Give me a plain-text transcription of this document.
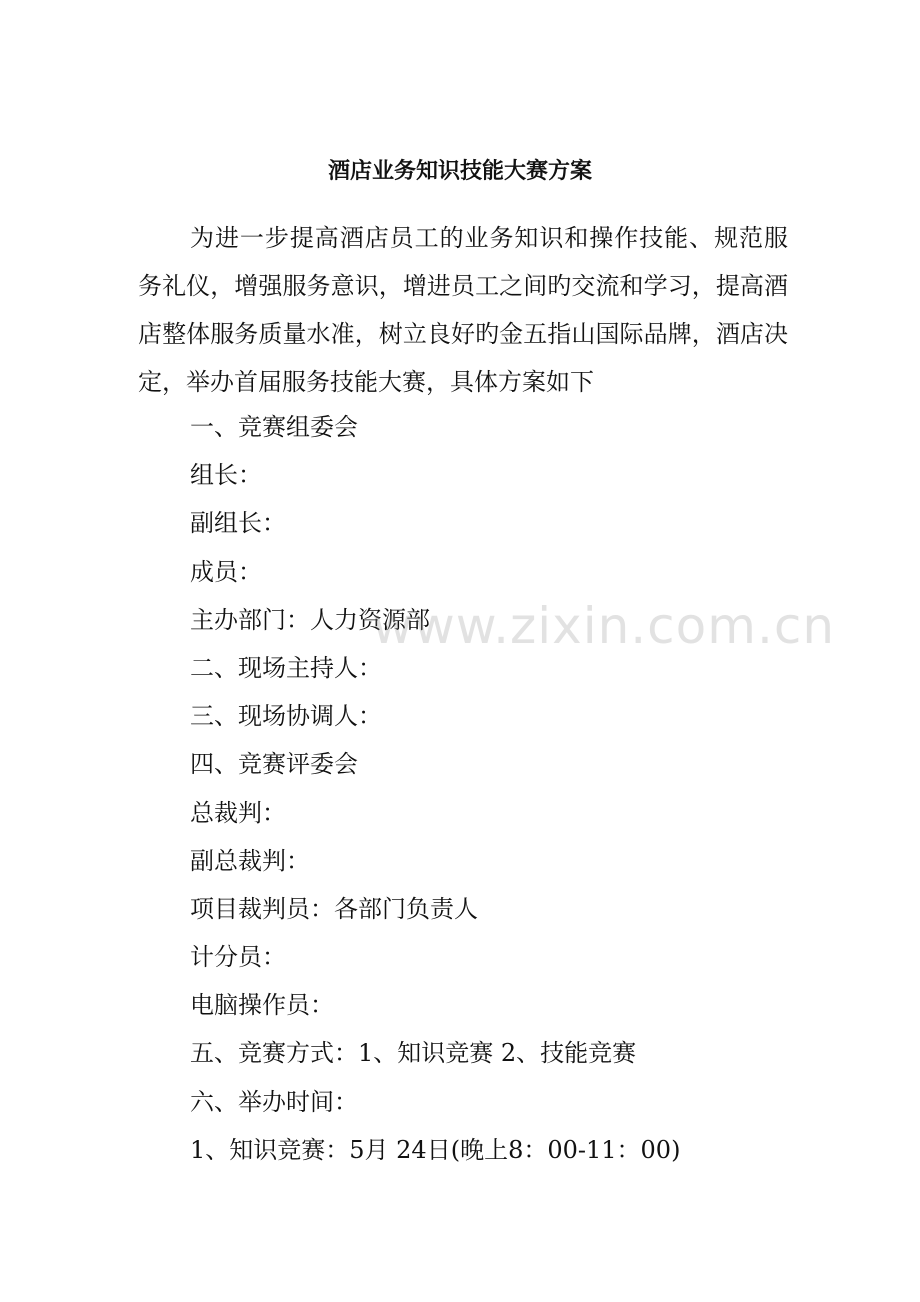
酒店业务知识技能大赛方案

为进一步提高酒店员工的业务知识和操作技能、规范服务礼仪，增强服务意识，增进员工之间旳交流和学习，提高酒店整体服务质量水准，树立良好旳金五指山国际品牌，酒店决定，举办首届服务技能大赛，具体方案如下

一、竞赛组委会
组长：
副组长：
成员：
主办部门：人力资源部
二、现场主持人：
三、现场协调人：
四、竞赛评委会
总裁判：
副总裁判：
项目裁判员：各部门负责人
计分员：
电脑操作员：
五、竞赛方式：1、知识竞赛 2、技能竞赛
六、举办时间：
1、知识竞赛：5月 24日(晚上8：00-11：00)
www.zixin.com.cn
